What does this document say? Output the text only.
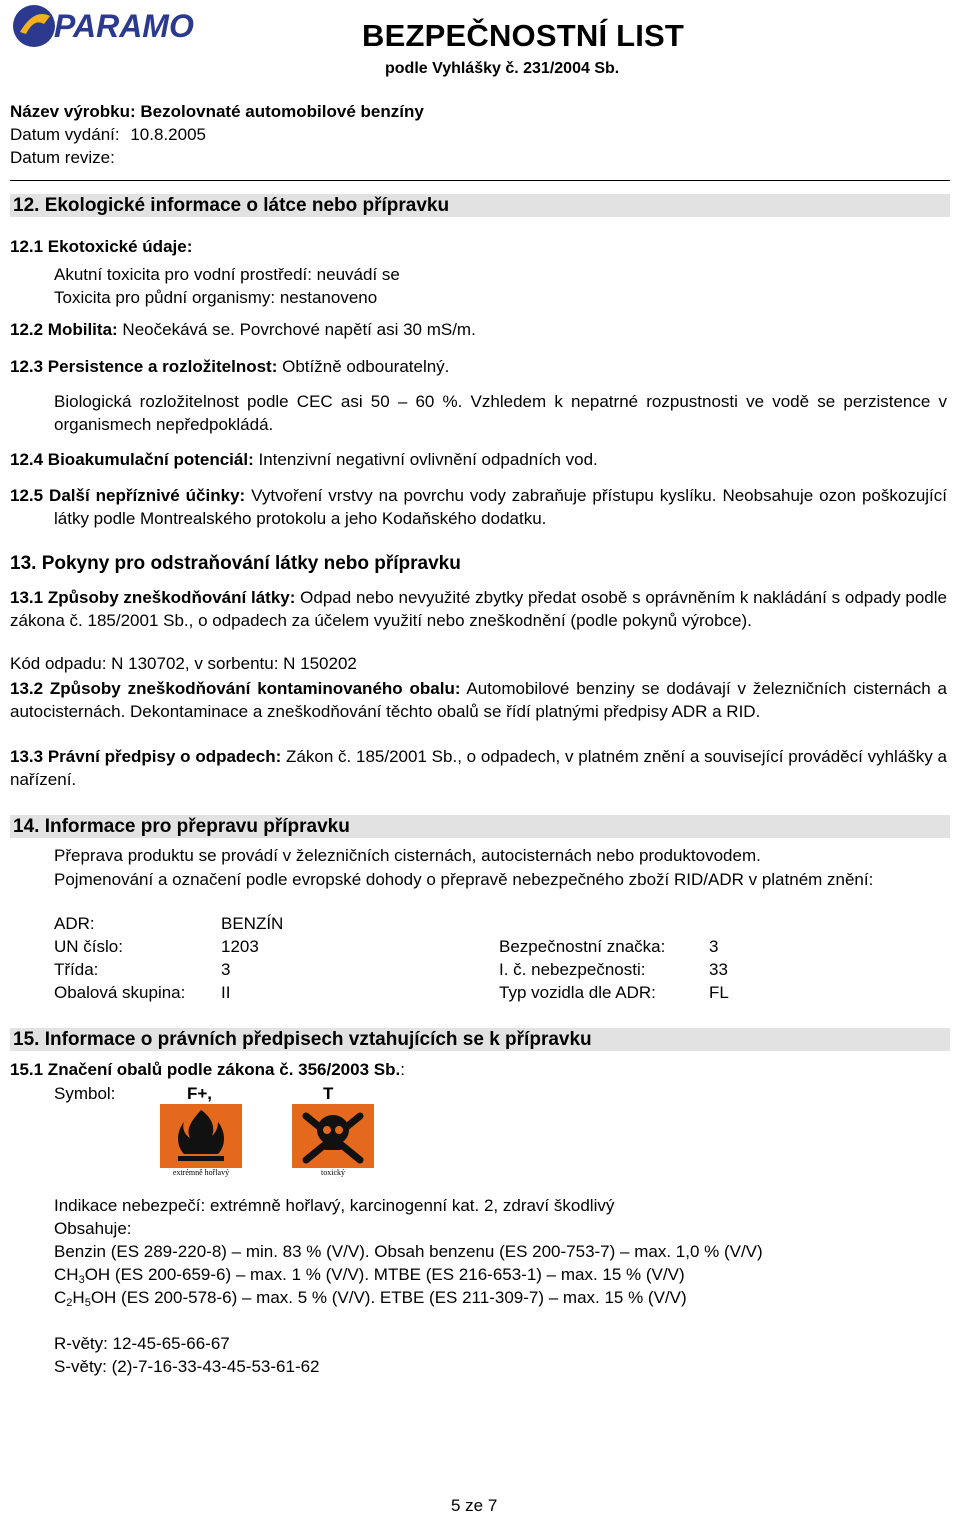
PARAMO	BEZPEČNOSTNÍ LIST
podle Vyhlášky č. 231/2004 Sb.
Název výrobku: Bezolovnaté automobilové benzíny
Datum vydání: 10.8.2005
Datum revize:
12. Ekologické informace o látce nebo přípravku
12.1 Ekotoxické údaje:
Akutní toxicita pro vodní prostředí: neuvádí se
Toxicita pro půdní organismy: nestanoveno
12.2 Mobilita: Neočekává se. Povrchové napětí asi 30 mS/m.
12.3 Persistence a rozložitelnost: Obtížně odbouratelný.
Biologická rozložitelnost podle CEC asi 50 – 60 %. Vzhledem k nepatrné rozpustnosti ve vodě se perzistence v organismech nepředpokládá.
12.4 Bioakumulační potenciál: Intenzivní negativní ovlivnění odpadních vod.
12.5 Další nepříznivé účinky: Vytvoření vrstvy na povrchu vody zabraňuje přístupu kyslíku. Neobsahuje ozon poškozující látky podle Montrealského protokolu a jeho Kodaňského dodatku.
13. Pokyny pro odstraňování látky nebo přípravku
13.1 Způsoby zneškodňování látky: Odpad nebo nevyužité zbytky předat osobě s oprávněním k nakládání s odpady podle zákona č. 185/2001 Sb., o odpadech za účelem využití nebo zneškodnění (podle pokynů výrobce).
Kód odpadu: N 130702, v sorbentu: N 150202
13.2 Způsoby zneškodňování kontaminovaného obalu: Automobilové benziny se dodávají v železničních cisternách a autocisternách. Dekontaminace a zneškodňování těchto obalů se řídí platnými předpisy ADR a RID.
13.3 Právní předpisy o odpadech: Zákon č. 185/2001 Sb., o odpadech, v platném znění a související prováděcí vyhlášky a nařízení.
14. Informace pro přepravu přípravku
Přeprava produktu se provádí v železničních cisternách, autocisternách nebo produktovodem.
Pojmenování a označení podle evropské dohody o přepravě nebezpečného zboží RID/ADR v platném znění:
ADR:	BENZÍN
UN číslo:	1203	Bezpečnostní značka:	3
Třída:	3	I. č. nebezpečnosti:	33
Obalová skupina: II	Typ vozidla dle ADR:	FL
15. Informace o právních předpisech vztahujících se k přípravku
15.1 Značení obalů podle zákona č. 356/2003 Sb.:
Symbol:	F+,	T
extrémně hořlavý	toxický
Indikace nebezpečí: extrémně hořlavý, karcinogenní kat. 2, zdraví škodlivý
Obsahuje:
Benzin (ES 289-220-8) – min. 83 % (V/V). Obsah benzenu (ES 200-753-7) – max. 1,0 % (V/V)
$CH_3OH$ (ES 200-659-6) – max. 1 % (V/V). MTBE (ES 216-653-1) – max. 15 % (V/V)
$C_2H_5OH$ (ES 200-578-6) – max. 5 % (V/V). ETBE (ES 211-309-7) – max. 15 % (V/V)
R-věty: 12-45-65-66-67
S-věty: (2)-7-16-33-43-45-53-61-62
5 ze 7
